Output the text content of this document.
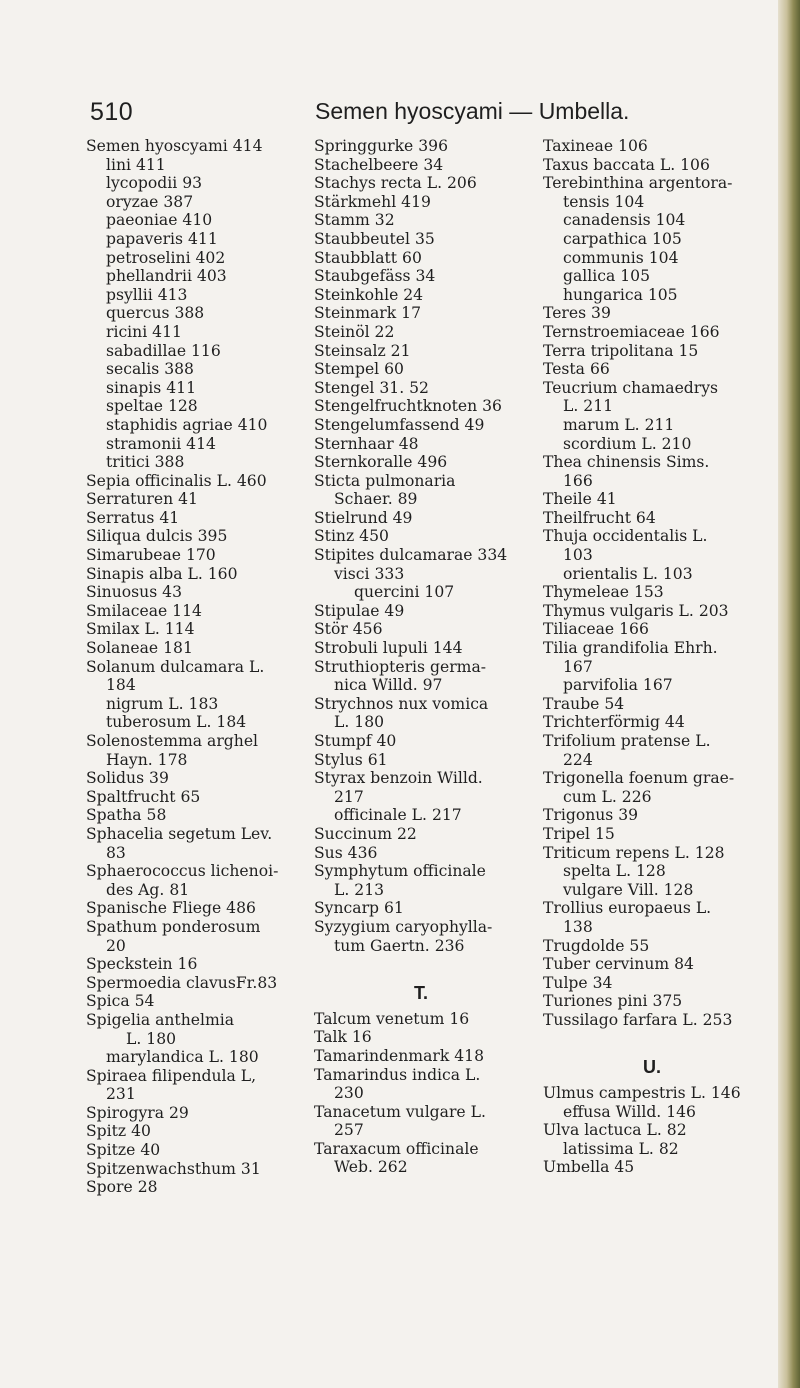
510	Semen hyoscyami — Umbella.
Semen hyoscyami 414
lini 411
lycopodii 93
oryzae 387
paeoniae 410
papaveris 411
petroselini 402
phellandrii 403
psyllii 413
quercus 388
ricini 411
sabadillae 116
secalis 388
sinapis 411
speltae 128
staphidis agriae 410
stramonii 414
tritici 388
Sepia officinalis L. 460
Serraturen 41
Serratus 41
Siliqua dulcis 395
Simarubeae 170
Sinapis alba L. 160
Sinuosus 43
Smilaceae 114
Smilax L. 114
Solaneae 181
Solanum dulcamara L.
184
nigrum L. 183
tuberosum L. 184
Solenostemma arghel
Hayn. 178
Solidus 39
Spaltfrucht 65
Spatha 58
Sphacelia segetum Lev.
83
Sphaerococcus lichenoi-
des Ag. 81
Spanische Fliege 486
Spathum ponderosum
20
Speckstein 16
Spermoedia clavusFr.83
Spica 54
Spigelia anthelmia
L. 180
marylandica L. 180
Spiraea filipendula L,
231
Spirogyra 29
Spitz 40
Spitze 40
Spitzenwachsthum 31
Spore 28
Springgurke 396
Stachelbeere 34
Stachys recta L. 206
Stärkmehl 419
Stamm 32
Staubbeutel 35
Staubblatt 60
Staubgefäss 34
Steinkohle 24
Steinmark 17
Steinöl 22
Steinsalz 21
Stempel 60
Stengel 31. 52
Stengelfruchtknoten 36
Stengelumfassend 49
Sternhaar 48
Sternkoralle 496
Sticta pulmonaria
Schaer. 89
Stielrund 49
Stinz 450
Stipites dulcamarae 334
visci 333
quercini 107
Stipulae 49
Stör 456
Strobuli lupuli 144
Struthiopteris germa-
nica Willd. 97
Strychnos nux vomica
L. 180
Stumpf 40
Stylus 61
Styrax benzoin Willd.
217
officinale L. 217
Succinum 22
Sus 436
Symphytum officinale
L. 213
Syncarp 61
Syzygium caryophylla-
tum Gaertn. 236
T.
Talcum venetum 16
Talk 16
Tamarindenmark 418
Tamarindus indica L.
230
Tanacetum vulgare L.
257
Taraxacum officinale
Web. 262
Taxineae 106
Taxus baccata L. 106
Terebinthina argentora-
tensis 104
canadensis 104
carpathica 105
communis 104
gallica 105
hungarica 105
Teres 39
Ternstroemiaceae 166
Terra tripolitana 15
Testa 66
Teucrium chamaedrys
L. 211
marum L. 211
scordium L. 210
Thea chinensis Sims.
166
Theile 41
Theilfrucht 64
Thuja occidentalis L.
103
orientalis L. 103
Thymeleae 153
Thymus vulgaris L. 203
Tiliaceae 166
Tilia grandifolia Ehrh.
167
parvifolia 167
Traube 54
Trichterförmig 44
Trifolium pratense L.
224
Trigonella foenum grae-
cum L. 226
Trigonus 39
Tripel 15
Triticum repens L. 128
spelta L. 128
vulgare Vill. 128
Trollius europaeus L.
138
Trugdolde 55
Tuber cervinum 84
Tulpe 34
Turiones pini 375
Tussilago farfara L. 253
U.
Ulmus campestris L. 146
effusa Willd. 146
Ulva lactuca L. 82
latissima L. 82
Umbella 45
